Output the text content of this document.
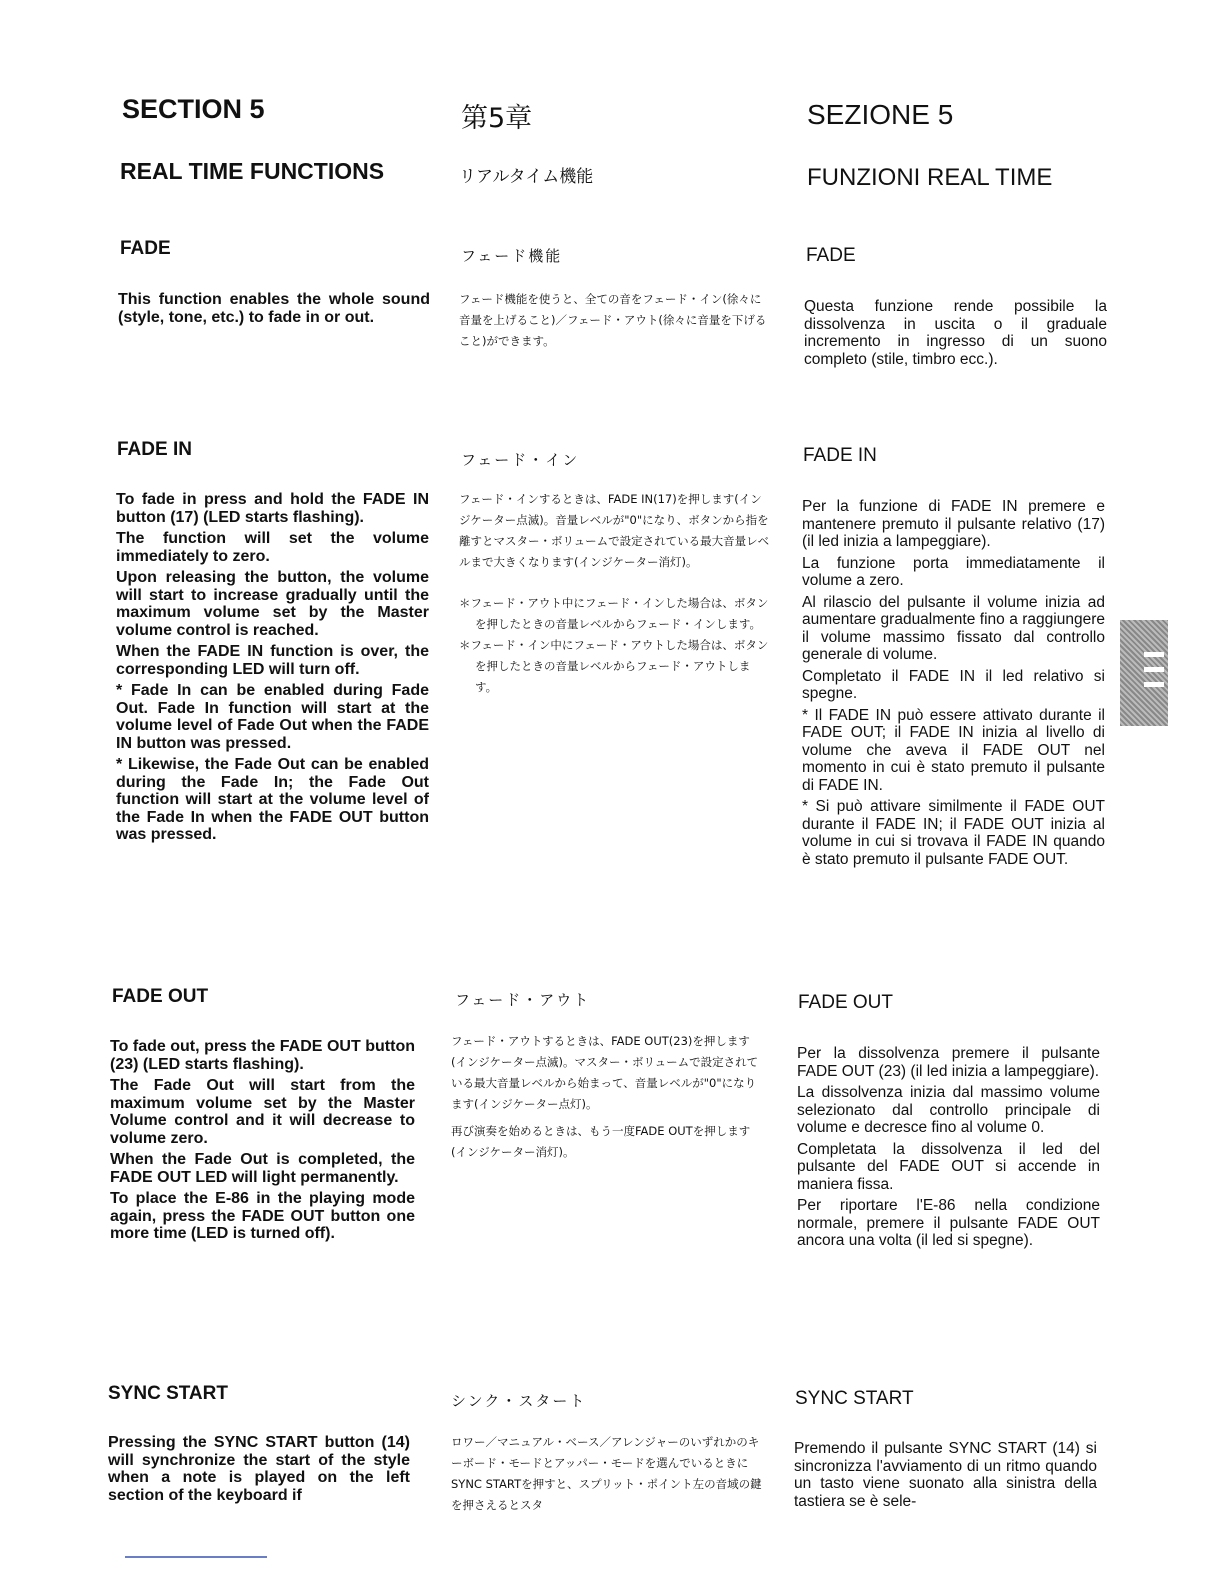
SECTION 5
REAL TIME FUNCTIONS
FADE

This function enables the whole sound (style, tone, etc.) to fade in or out.

FADE IN

To fade in press and hold the FADE IN button (17) (LED starts flashing).

The function will set the volume immediately to zero.

Upon releasing the button, the volume will start to increase gradually until the maximum volume set by the Master volume control is reached.

When the FADE IN function is over, the corresponding LED will turn off.

* Fade In can be enabled during Fade Out. Fade In function will start at the volume level of Fade Out when the FADE IN button was pressed.

* Likewise, the Fade Out can be enabled during the Fade In; the Fade Out function will start at the volume level of the Fade In when the FADE OUT button was pressed.

FADE OUT

To fade out, press the FADE OUT button (23) (LED starts flashing).

The Fade Out will start from the maximum volume set by the Master Volume control and it will decrease to volume zero.

When the Fade Out is completed, the FADE OUT LED will light permanently.

To place the E-86 in the playing mode again, press the FADE OUT button one more time (LED is turned off).

SYNC START

Pressing the SYNC START button (14) will synchronize the start of the style when a note is played on the left section of the keyboard if

第5章
リアルタイム機能
フェード機能

フェード機能を使うと、全ての音をフェード・イン(徐々に音量を上げること)／フェード・アウト(徐々に音量を下げること)ができます。

フェード・イン

フェード・インするときは、FADE IN(17)を押します(インジケーター点滅)。音量レベルが"0"になり、ボタンから指を離すとマスター・ボリュームで設定されている最大音量レベルまで大きくなります(インジケーター消灯)。

＊フェード・アウト中にフェード・インした場合は、ボタンを押したときの音量レベルからフェード・インします。

＊フェード・イン中にフェード・アウトした場合は、ボタンを押したときの音量レベルからフェード・アウトします。

フェード・アウト

フェード・アウトするときは、FADE OUT(23)を押します(インジケーター点滅)。マスター・ボリュームで設定されている最大音量レベルから始まって、音量レベルが"0"になります(インジケーター点灯)。

再び演奏を始めるときは、もう一度FADE OUTを押します(インジケーター消灯)。

シンク・スタート

ロワー／マニュアル・ベース／アレンジャーのいずれかのキーボード・モードとアッパー・モードを選んでいるときにSYNC STARTを押すと、スプリット・ポイント左の音域の鍵を押さえるとスタ

SEZIONE 5
FUNZIONI REAL TIME
FADE

Questa funzione rende possibile la dissolvenza in uscita o il graduale incremento in ingresso di un suono completo (stile, timbro ecc.).

FADE IN

Per la funzione di FADE IN premere e mantenere premuto il pulsante relativo (17) (il led inizia a lampeggiare).

La funzione porta immediatamente il volume a zero.

Al rilascio del pulsante il volume inizia ad aumentare gradualmente fino a raggiungere il volume massimo fissato dal controllo generale di volume.

Completato il FADE IN il led relativo si spegne.

* Il FADE IN può essere attivato durante il FADE OUT; il FADE IN inizia al livello di volume che aveva il FADE OUT nel momento in cui è stato premuto il pulsante di FADE IN.

* Si può attivare similmente il FADE OUT durante il FADE IN; il FADE OUT inizia al volume in cui si trovava il FADE IN quando è stato premuto il pulsante FADE OUT.

FADE OUT

Per la dissolvenza premere il pulsante FADE OUT (23) (il led inizia a lampeggiare).

La dissolvenza inizia dal massimo volume selezionato dal controllo principale di volume e decresce fino al volume 0.

Completata la dissolvenza il led del pulsante del FADE OUT si accende in maniera fissa.

Per riportare l'E-86 nella condizione normale, premere il pulsante FADE OUT ancora una volta (il led si spegne).

SYNC START

Premendo il pulsante SYNC START (14) si sincronizza l'avviamento di un ritmo quando un tasto viene suonato alla sinistra della tastiera se è sele-
